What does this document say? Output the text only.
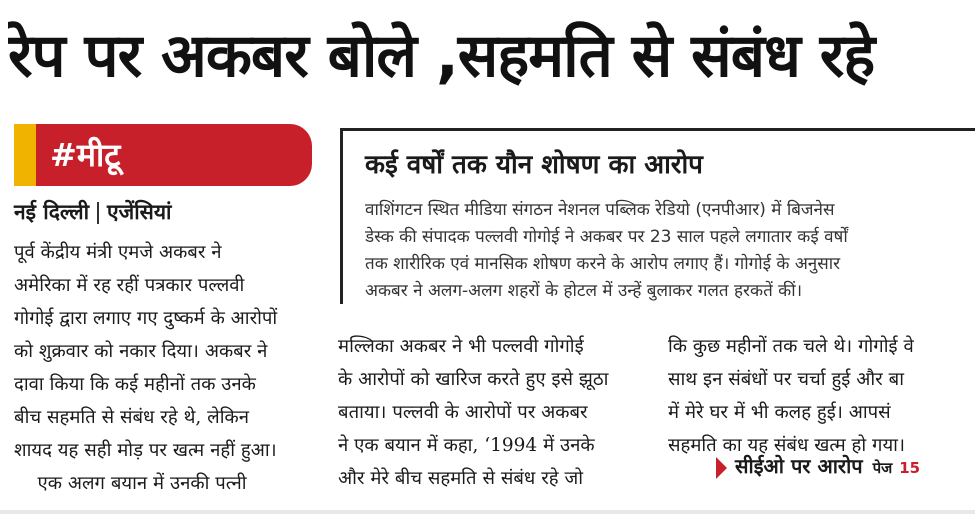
रेप पर अकबर बोले ,सहमति से संबंध रहे
#मीटू
नई दिल्ली एजेंसियां
कई वर्षों तक यौन शोषण का आरोप

वाशिंगटन स्थित मीडिया संगठन नेशनल पब्लिक रेडियो (एनपीआर) में बिजनेस

डेस्क की संपादक पल्लवी गोगोई ने अकबर पर 23 साल पहले लगातार कई वर्षों

तक शारीरिक एवं मानसिक शोषण करने के आरोप लगाए हैं। गोगोई के अनुसार

अकबर ने अलग-अलग शहरों के होटल में उन्हें बुलाकर गलत हरकतें कीं।

पूर्व केंद्रीय मंत्री एमजे अकबर ने

अमेरिका में रह रहीं पत्रकार पल्लवी

गोगोई द्वारा लगाए गए दुष्कर्म के आरोपों

को शुक्रवार को नकार दिया। अकबर ने

दावा किया कि कई महीनों तक उनके

बीच सहमति से संबंध रहे थे, लेकिन

शायद यह सही मोड़ पर खत्म नहीं हुआ।

एक अलग बयान में उनकी पत्नी

मल्लिका अकबर ने भी पल्लवी गोगोई

के आरोपों को खारिज करते हुए इसे झूठा

बताया। पल्लवी के आरोपों पर अकबर

ने एक बयान में कहा, ‘1994 में उनके

और मेरे बीच सहमति से संबंध रहे जो

कि कुछ महीनों तक चले थे। गोगोई वे

साथ इन संबंधों पर चर्चा हुई और बा

में मेरे घर में भी कलह हुई। आपसं

सहमति का यह संबंध खत्म हो गया।

सीईओ पर आरोप पेज 15
